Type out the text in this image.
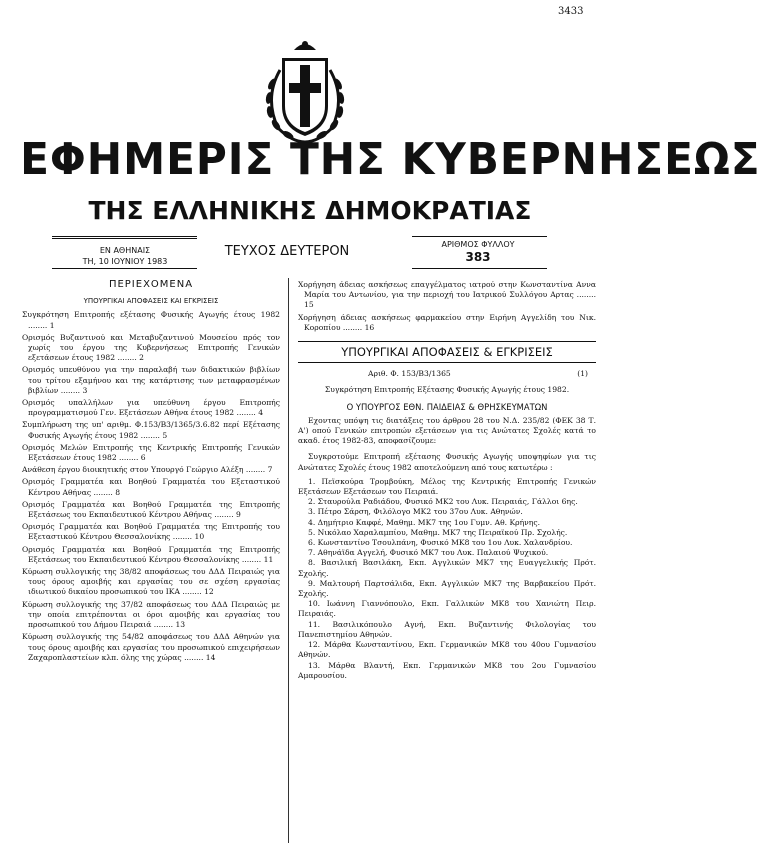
3433
ΕΦΗΜΕΡΙΣ ΤΗΣ ΚΥΒΕΡΝΗΣΕΩΣ
ΤΗΣ ΕΛΛΗΝΙΚΗΣ ΔΗΜΟΚΡΑΤΙΑΣ
ΕΝ ΑΘΗΝΑΙΣ
ΤΗ, 10 ΙΟΥΝΙΟΥ 1983
ΤΕΥΧΟΣ ΔΕΥΤΕΡΟΝ	ΑΡΙΘΜΟΣ ΦΥΛΛΟΥ
383
ΠΕΡΙΕΧΟΜΕΝΑ
ΥΠΟΥΡΓΙΚΑΙ ΑΠΟΦΑΣΕΙΣ ΚΑΙ ΕΓΚΡΙΣΕΙΣ

Συγκρότηση Επιτροπής εξέτασης Φυσικής Αγωγής έτους 1982 ........ 1

Ορισμός Βυζαντινού και Μεταβυζαντινού Μουσείου πρός τον χωρίς του έργου της Κυβερνήσεως Επιτροπής Γενικών εξετάσεων έτους 1982 ........ 2

Ορισμός υπευθύνου για την παραλαβή των διδακτικών βιβλίων του τρίτου εξαμήνου και της κατάρτισης των μεταφρασμένων βιβλίων ........ 3

Ορισμός υπαλλήλων για υπεύθυνη έργου Επιτροπής προγραμματισμού Γεν. Εξετάσεων Αθήνα έτους 1982 ........ 4

Συμπλήρωση της υπ' αριθμ. Φ.153/Β3/1365/3.6.82 περί Εξέτασης Φυσικής Αγωγής έτους 1982 ........ 5

Ορισμός Μελών Επιτροπής της Κεντρικής Επιτροπής Γενικών Εξετάσεων έτους 1982 ........ 6

Ανάθεση έργου διοικητικής στον Υπουργό Γεώργιο Αλέξη ........ 7

Ορισμός Γραμματέα και Βοηθού Γραμματέα του Εξεταστικού Κέντρου Αθήνας ........ 8

Ορισμός Γραμματέα και Βοηθού Γραμματέα της Επιτροπής Εξετάσεως του Εκπαιδευτικού Κέντρου Αθήνας ........ 9

Ορισμός Γραμματέα και Βοηθού Γραμματέα της Επιτροπής του Εξεταστικού Κέντρου Θεσσαλονίκης ........ 10

Ορισμός Γραμματέα και Βοηθού Γραμματέα της Επιτροπής Εξετάσεως του Εκπαιδευτικού Κέντρου Θεσσαλονίκης ........ 11

Κύρωση συλλογικής της 38/82 αποφάσεως του ΔΔΔ Πειραιώς για τους όρους αμοιβής και εργασίας του σε σχέση εργασίας ιδιωτικού δικαίου προσωπικού του ΙΚΑ ........ 12

Κύρωση συλλογικής της 37/82 αποφάσεως του ΔΔΔ Πειραιώς με την οποία επιτρέπονται οι όροι αμοιβής και εργασίας του προσωπικού του Δήμου Πειραιά ........ 13

Κύρωση συλλογικής της 54/82 αποφάσεως του ΔΔΔ Αθηνών για τους όρους αμοιβής και εργασίας του προσωπικού επιχειρήσεων Ζαχαροπλαστείων κλπ. όλης της χώρας ........ 14

Χορήγηση άδειας ασκήσεως επαγγέλματος ιατρού στην Κωνσταντίνα Αννα Μαρία του Αντωνίου, για την περιοχή του Ιατρικού Συλλόγου Αρτας ........ 15

Χορήγηση άδειας ασκήσεως φαρμακείου στην Ειρήνη Αγγελίδη του Νικ. Κοροπίου ........ 16

ΥΠΟΥΡΓΙΚΑΙ ΑΠΟΦΑΣΕΙΣ & ΕΓΚΡΙΣΕΙΣ
Αριθ. Φ. 153/Β3/1365	(1)

Συγκρότηση Επιτροπής Εξέτασης Φυσικής Αγωγής έτους 1982.

Ο ΥΠΟΥΡΓΟΣ ΕΘΝ. ΠΑΙΔΕΙΑΣ & ΘΡΗΣΚΕΥΜΑΤΩΝ

Εχοντας υπόψη τις διατάξεις του άρθρου 28 του Ν.Δ. 235/82 (ΦΕΚ 38 Τ. Α') οπού Γενικών επιτροπών εξετάσεων για τις Ανώτατες Σχολές κατά το ακαδ. έτος 1982-83, αποφασίζουμε:

Συγκροτούμε Επιτροπή εξέτασης Φυσικής Αγωγής υποψηφίων για τις Ανώτατες Σχολές έτους 1982 αποτελούμενη από τους κατωτέρω :

1. Πεϊσκούρα Τρομβούκη, Μέλος της Κεντρικής Επιτροπής Γενικών Εξετάσεων Εξετάσεων του Πειραιά.

2. Σταυρούλα Ραδιάδου, Φυσικό ΜΚ2 του Λυκ. Πειραιάς, Γάλλοι 6ης.

3. Πέτρο Σάρση, Φιλόλογο ΜΚ2 του 37ου Λυκ. Αθηνών.

4. Δημήτριο Καφφέ, Μαθημ. ΜΚ7 της 1ου Γυμν. Αθ. Κρήνης.

5. Νικόλαο Χαραλαμπίου, Μαθημ. ΜΚ7 της Πειραϊκού Πρ. Σχολής.

6. Κωνσταντίνο Τσουλπάνη, Φυσικό ΜΚ8 του 1ου Λυκ. Χαλανδρίου.

7. Αθηνάϊδα Αγγελή, Φυσικό ΜΚ7 του Λυκ. Παλαιού Ψυχικού.

8. Βασιλική Βασιλάκη, Εκπ. Αγγλικών ΜΚ7 της Ευαγγελικής Πρότ. Σχολής.

9. Μαλτουρή Παρτσάλιδα, Εκπ. Αγγλικών ΜΚ7 της Βαρβακείου Πρότ. Σχολής.

10. Ιωάννη Γιαννόπουλο, Εκπ. Γαλλικών ΜΚ8 του Χανιώτη Πειρ. Πειραιάς.

11. Βασιλικόπουλο Αγνή, Εκπ. Βυζαντινής Φιλολογίας του Πανεπιστημίου Αθηνών.

12. Μάρθα Κωνσταντίνου, Εκπ. Γερμανικών ΜΚ8 του 40ου Γυμνασίου Αθηνών.

13. Μάρθα Βλαντή, Εκπ. Γερμανικών ΜΚ8 του 2ου Γυμνασίου Αμαρουσίου.
